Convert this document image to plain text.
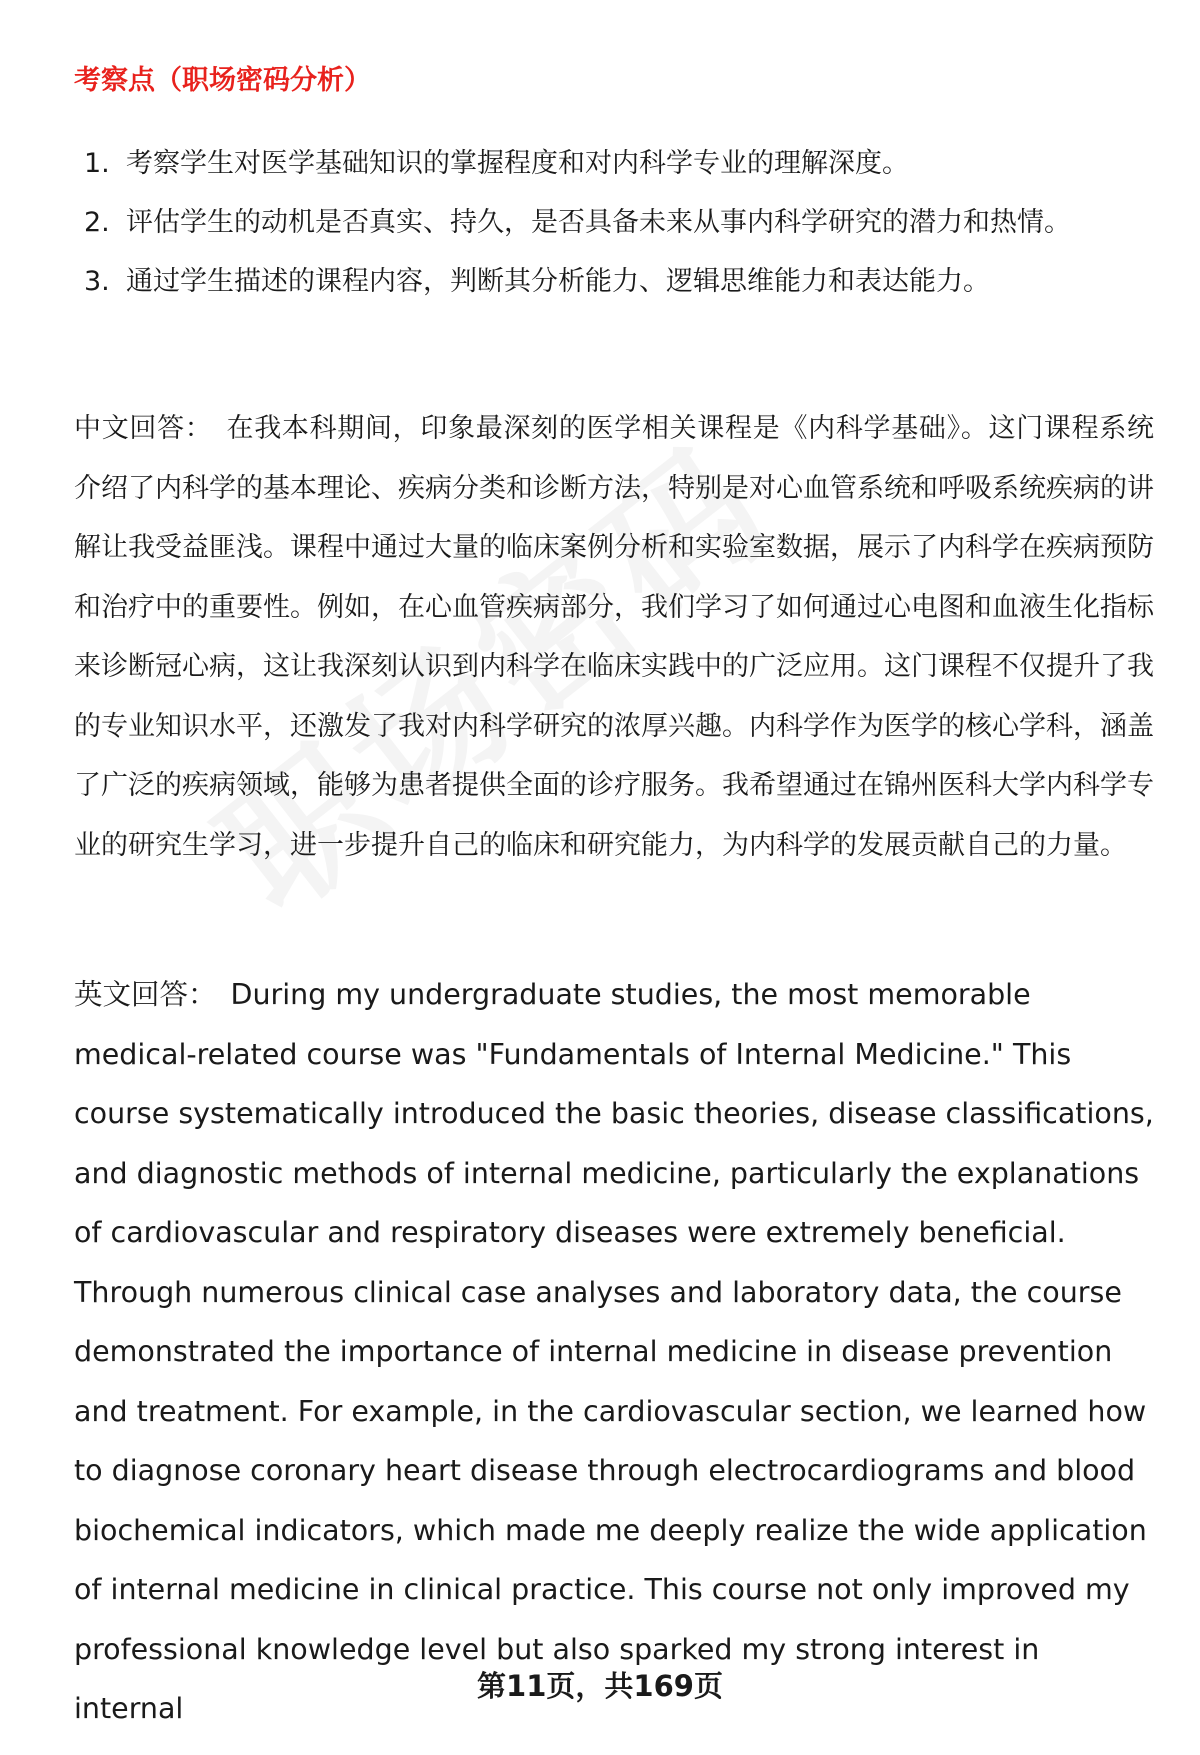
考察点（职场密码分析）
1. 考察学生对医学基础知识的掌握程度和对内科学专业的理解深度。
2. 评估学生的动机是否真实、持久，是否具备未来从事内科学研究的潜力和热情。
3. 通过学生描述的课程内容，判断其分析能力、逻辑思维能力和表达能力。

中文回答： 在我本科期间，印象最深刻的医学相关课程是《内科学基础》。这门课程系统介绍了内科学的基本理论、疾病分类和诊断方法，特别是对心血管系统和呼吸系统疾病的讲解让我受益匪浅。课程中通过大量的临床案例分析和实验室数据，展示了内科学在疾病预防和治疗中的重要性。例如，在心血管疾病部分，我们学习了如何通过心电图和血液生化指标来诊断冠心病，这让我深刻认识到内科学在临床实践中的广泛应用。这门课程不仅提升了我的专业知识水平，还激发了我对内科学研究的浓厚兴趣。内科学作为医学的核心学科，涵盖了广泛的疾病领域，能够为患者提供全面的诊疗服务。我希望通过在锦州医科大学内科学专业的研究生学习，进一步提升自己的临床和研究能力，为内科学的发展贡献自己的力量。

英文回答： During my undergraduate studies, the most memorable medical-related course was "Fundamentals of Internal Medicine." This course systematically introduced the basic theories, disease classifications, and diagnostic methods of internal medicine, particularly the explanations of cardiovascular and respiratory diseases were extremely beneficial. Through numerous clinical case analyses and laboratory data, the course demonstrated the importance of internal medicine in disease prevention and treatment. For example, in the cardiovascular section, we learned how to diagnose coronary heart disease through electrocardiograms and blood biochemical indicators, which made me deeply realize the wide application of internal medicine in clinical practice. This course not only improved my professional knowledge level but also sparked my strong interest in internal

第11页，共169页
